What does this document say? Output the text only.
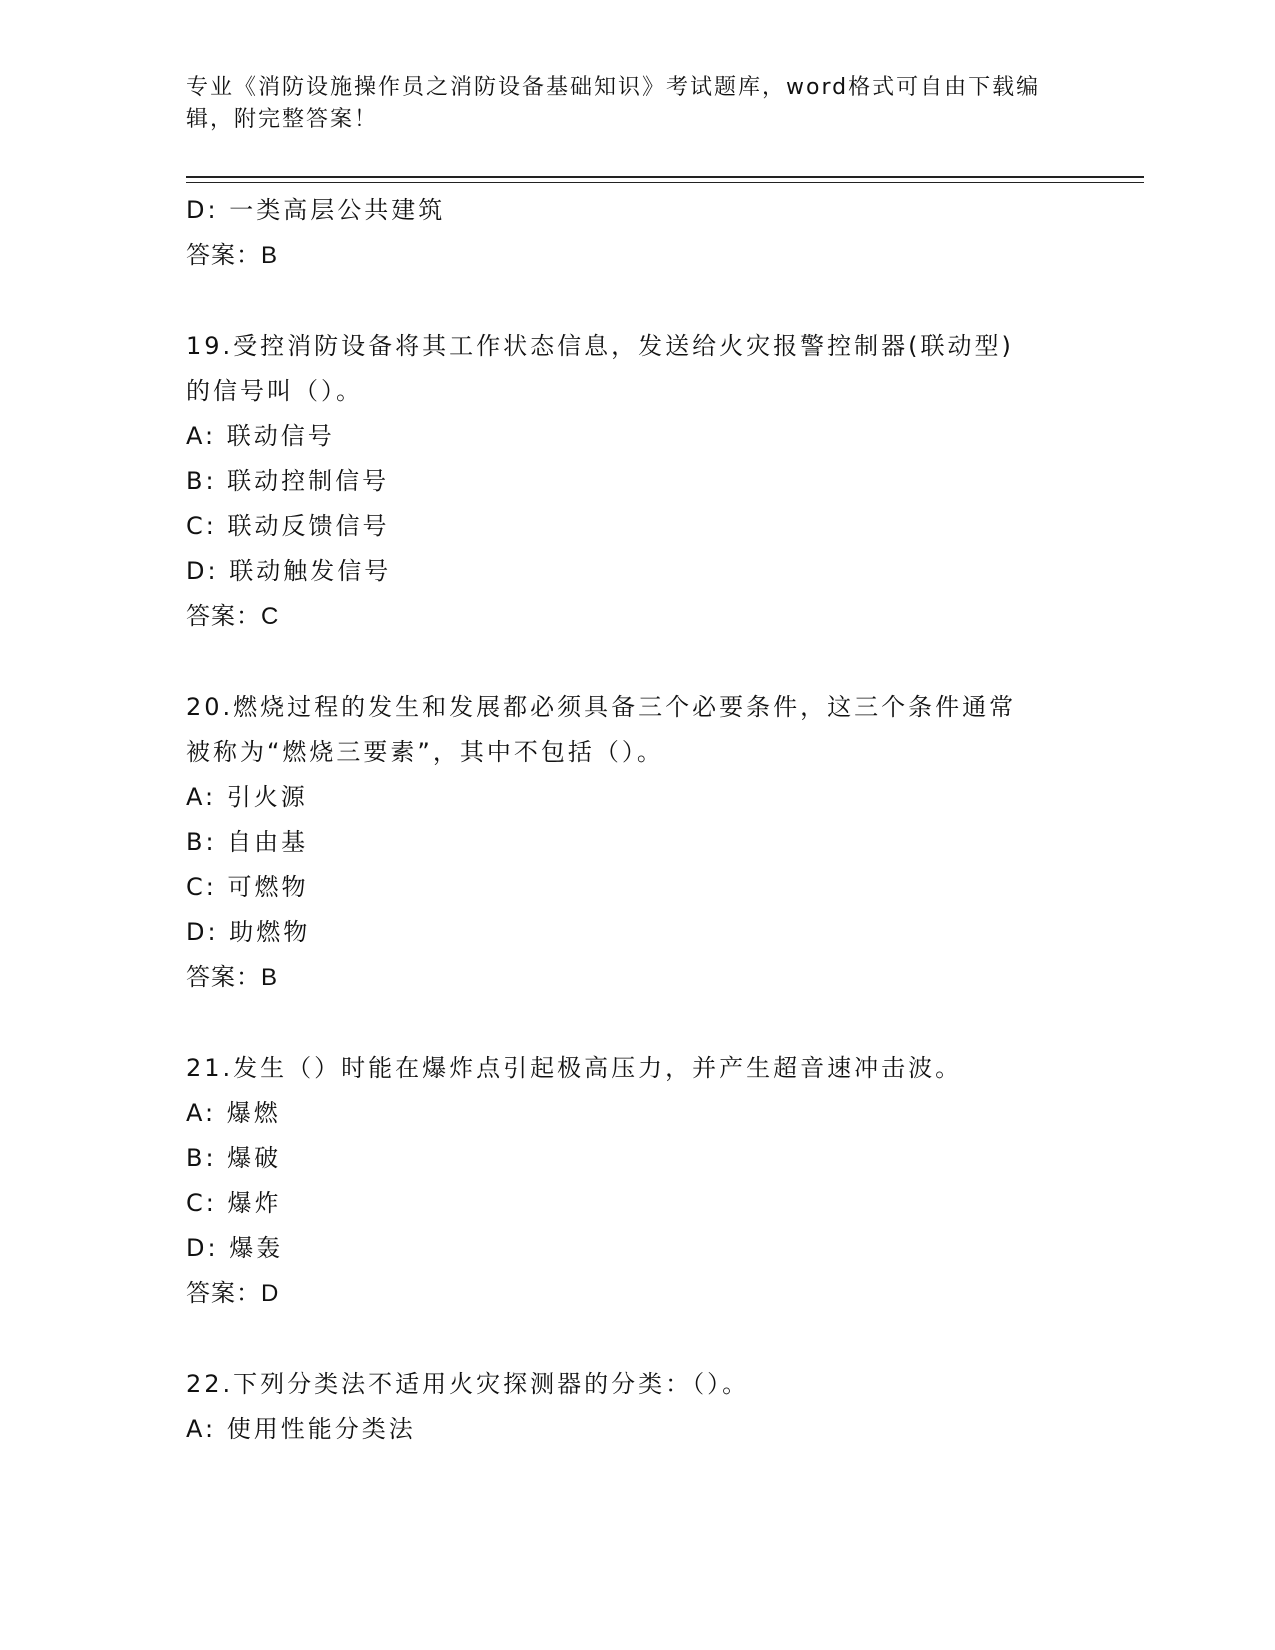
专业《消防设施操作员之消防设备基础知识》考试题库，word格式可自由下载编
辑，附完整答案！
D: 一类高层公共建筑
答案：B
19.受控消防设备将其工作状态信息，发送给火灾报警控制器(联动型)
的信号叫（）。
A: 联动信号
B: 联动控制信号
C: 联动反馈信号
D: 联动触发信号
答案：C
20.燃烧过程的发生和发展都必须具备三个必要条件，这三个条件通常
被称为“燃烧三要素”，其中不包括（）。
A: 引火源
B: 自由基
C: 可燃物
D: 助燃物
答案：B
21.发生（）时能在爆炸点引起极高压力，并产生超音速冲击波。
A: 爆燃
B: 爆破
C: 爆炸
D: 爆轰
答案：D
22.下列分类法不适用火灾探测器的分类：（）。
A: 使用性能分类法
